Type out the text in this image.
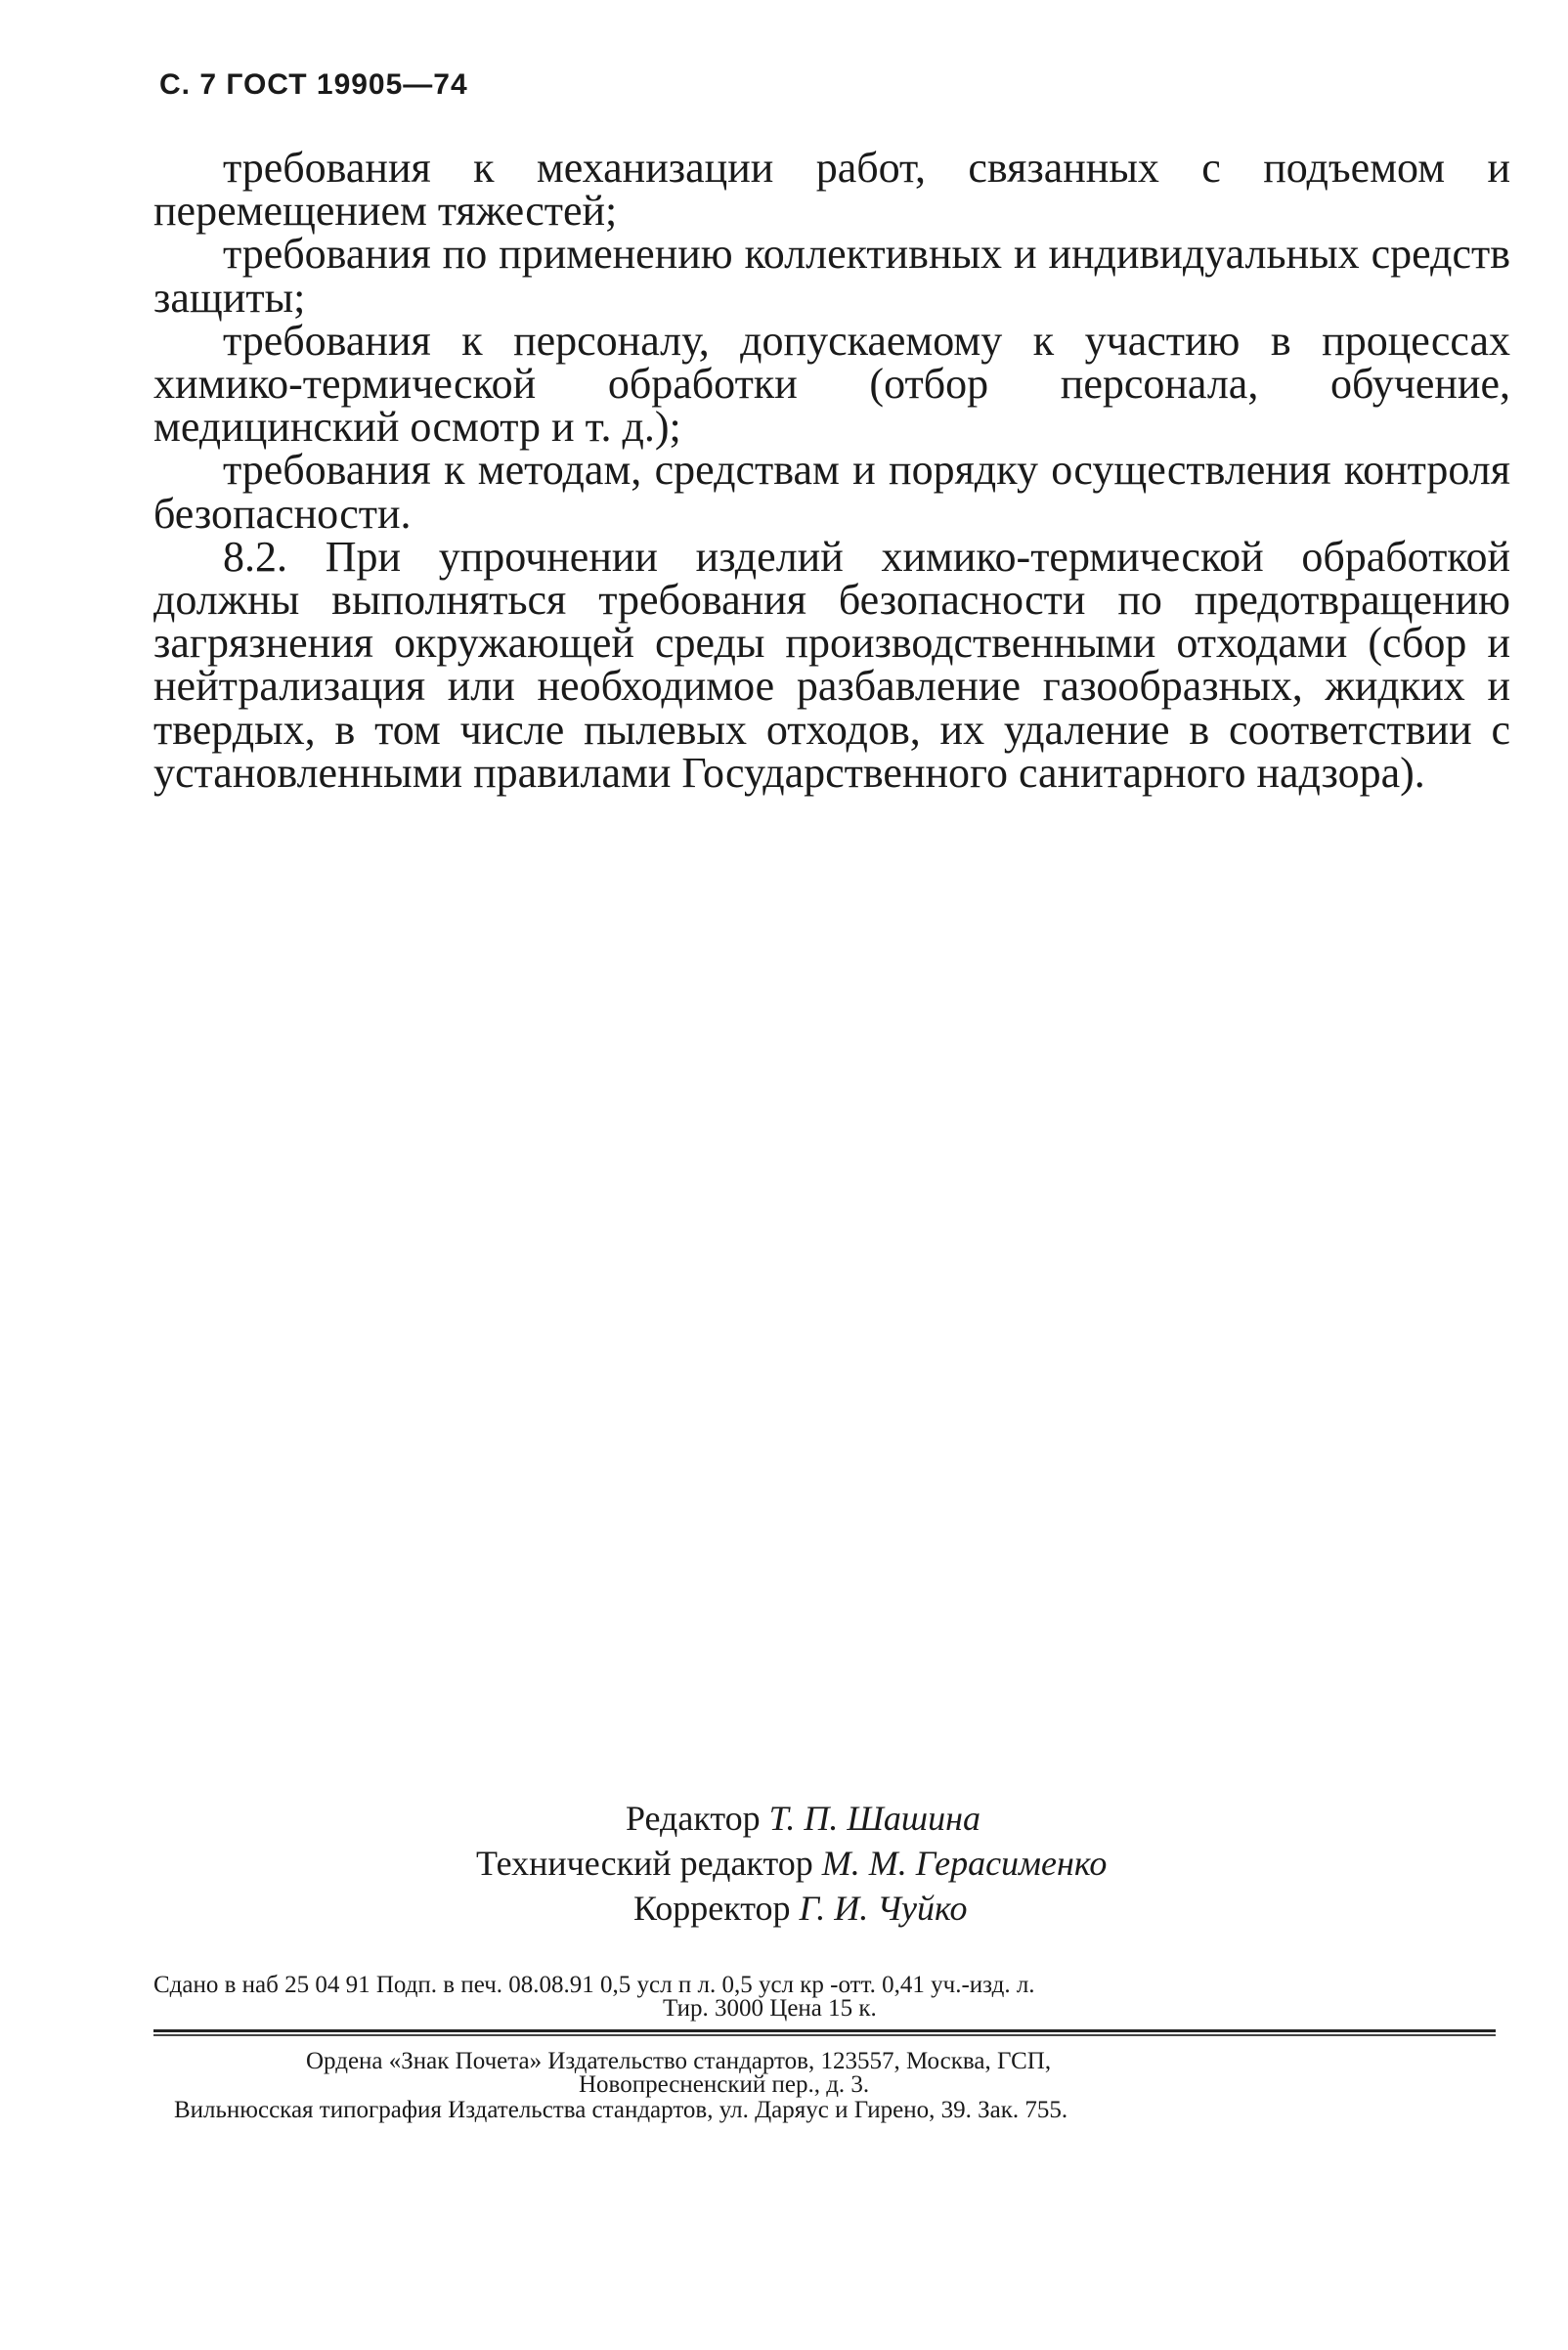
С. 7 ГОСТ 19905—74

требования к механизации работ, связанных с подъемом и перемещением тяжестей;

требования по применению коллективных и индивидуальных средств защиты;

требования к персоналу, допускаемому к участию в процессах химико-термической обработки (отбор персонала, обучение, медицинский осмотр и т. д.);

требования к методам, средствам и порядку осуществления контроля безопасности.

8.2. При упрочнении изделий химико-термической обработкой должны выполняться требования безопасности по предотвращению загрязнения окружающей среды производственными отходами (сбор и нейтрализация или необходимое разбавление газообразных, жидких и твердых, в том числе пылевых отходов, их удаление в соответствии с установленными правилами Государственного санитарного надзора).

Редактор Т. П. Шашина
Технический редактор М. М. Герасименко
Корректор Г. И. Чуйко
Сдано в наб 25 04 91 Подп. в печ. 08.08.91 0,5 усл п л. 0,5 усл кр -отт. 0,41 уч.-изд. л.
Тир. 3000 Цена 15 к.
Ордена «Знак Почета» Издательство стандартов, 123557, Москва, ГСП,
Новопресненский пер., д. 3.
Вильнюсская типография Издательства стандартов, ул. Даряус и Гирено, 39. Зак. 755.
